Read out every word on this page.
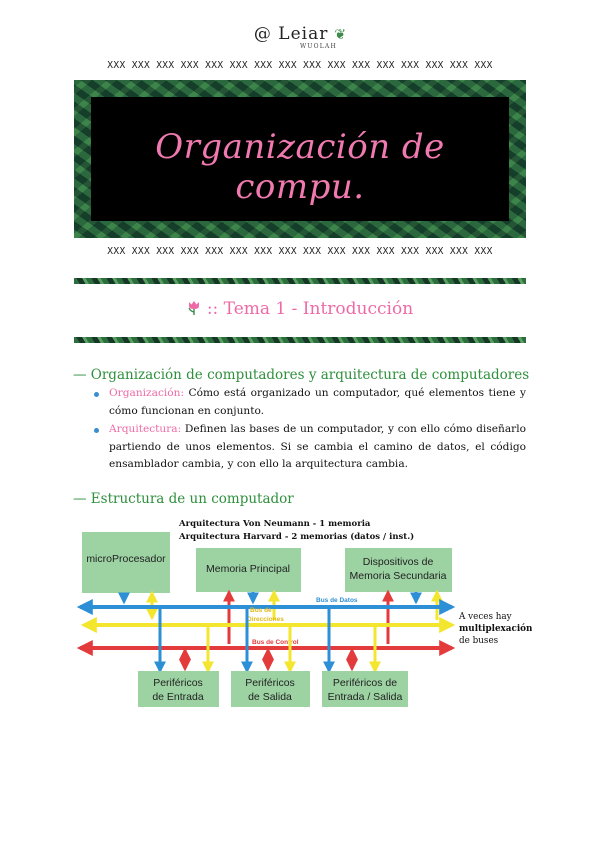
@ Leiar ❦
WUOLAH
XXX XXX XXX XXX XXX XXX XXX XXX XXX XXX XXX XXX XXX XXX XXX XXX
Organización de compu.
XXX XXX XXX XXX XXX XXX XXX XXX XXX XXX XXX XXX XXX XXX XXX XXX
:: Tema 1 - Introducción
— Organización de computadores y arquitectura de computadores
Organización: Cómo está organizado un computador, qué elementos tiene y cómo funcionan en conjunto.
Arquitectura: Definen las bases de un computador, y con ello cómo diseñarlo partiendo de unos elementos. Si se cambia el camino de datos, el código ensamblador cambia, y con ello la arquitectura cambia.
— Estructura de un computador
microProcesador
Memoria Principal
Dispositivos de
Memoria Secundaria
Arquitectura Von Neumann - 1 memoria
Arquitectura Harvard - 2 memorias (datos / inst.)
Bus de Datos
Bus de
Direcciones
Bus de Control
Periféricos
de Entrada
Periféricos
de Salida
Periféricos de
Entrada / Salida
A veces hay
multiplexación
de buses
